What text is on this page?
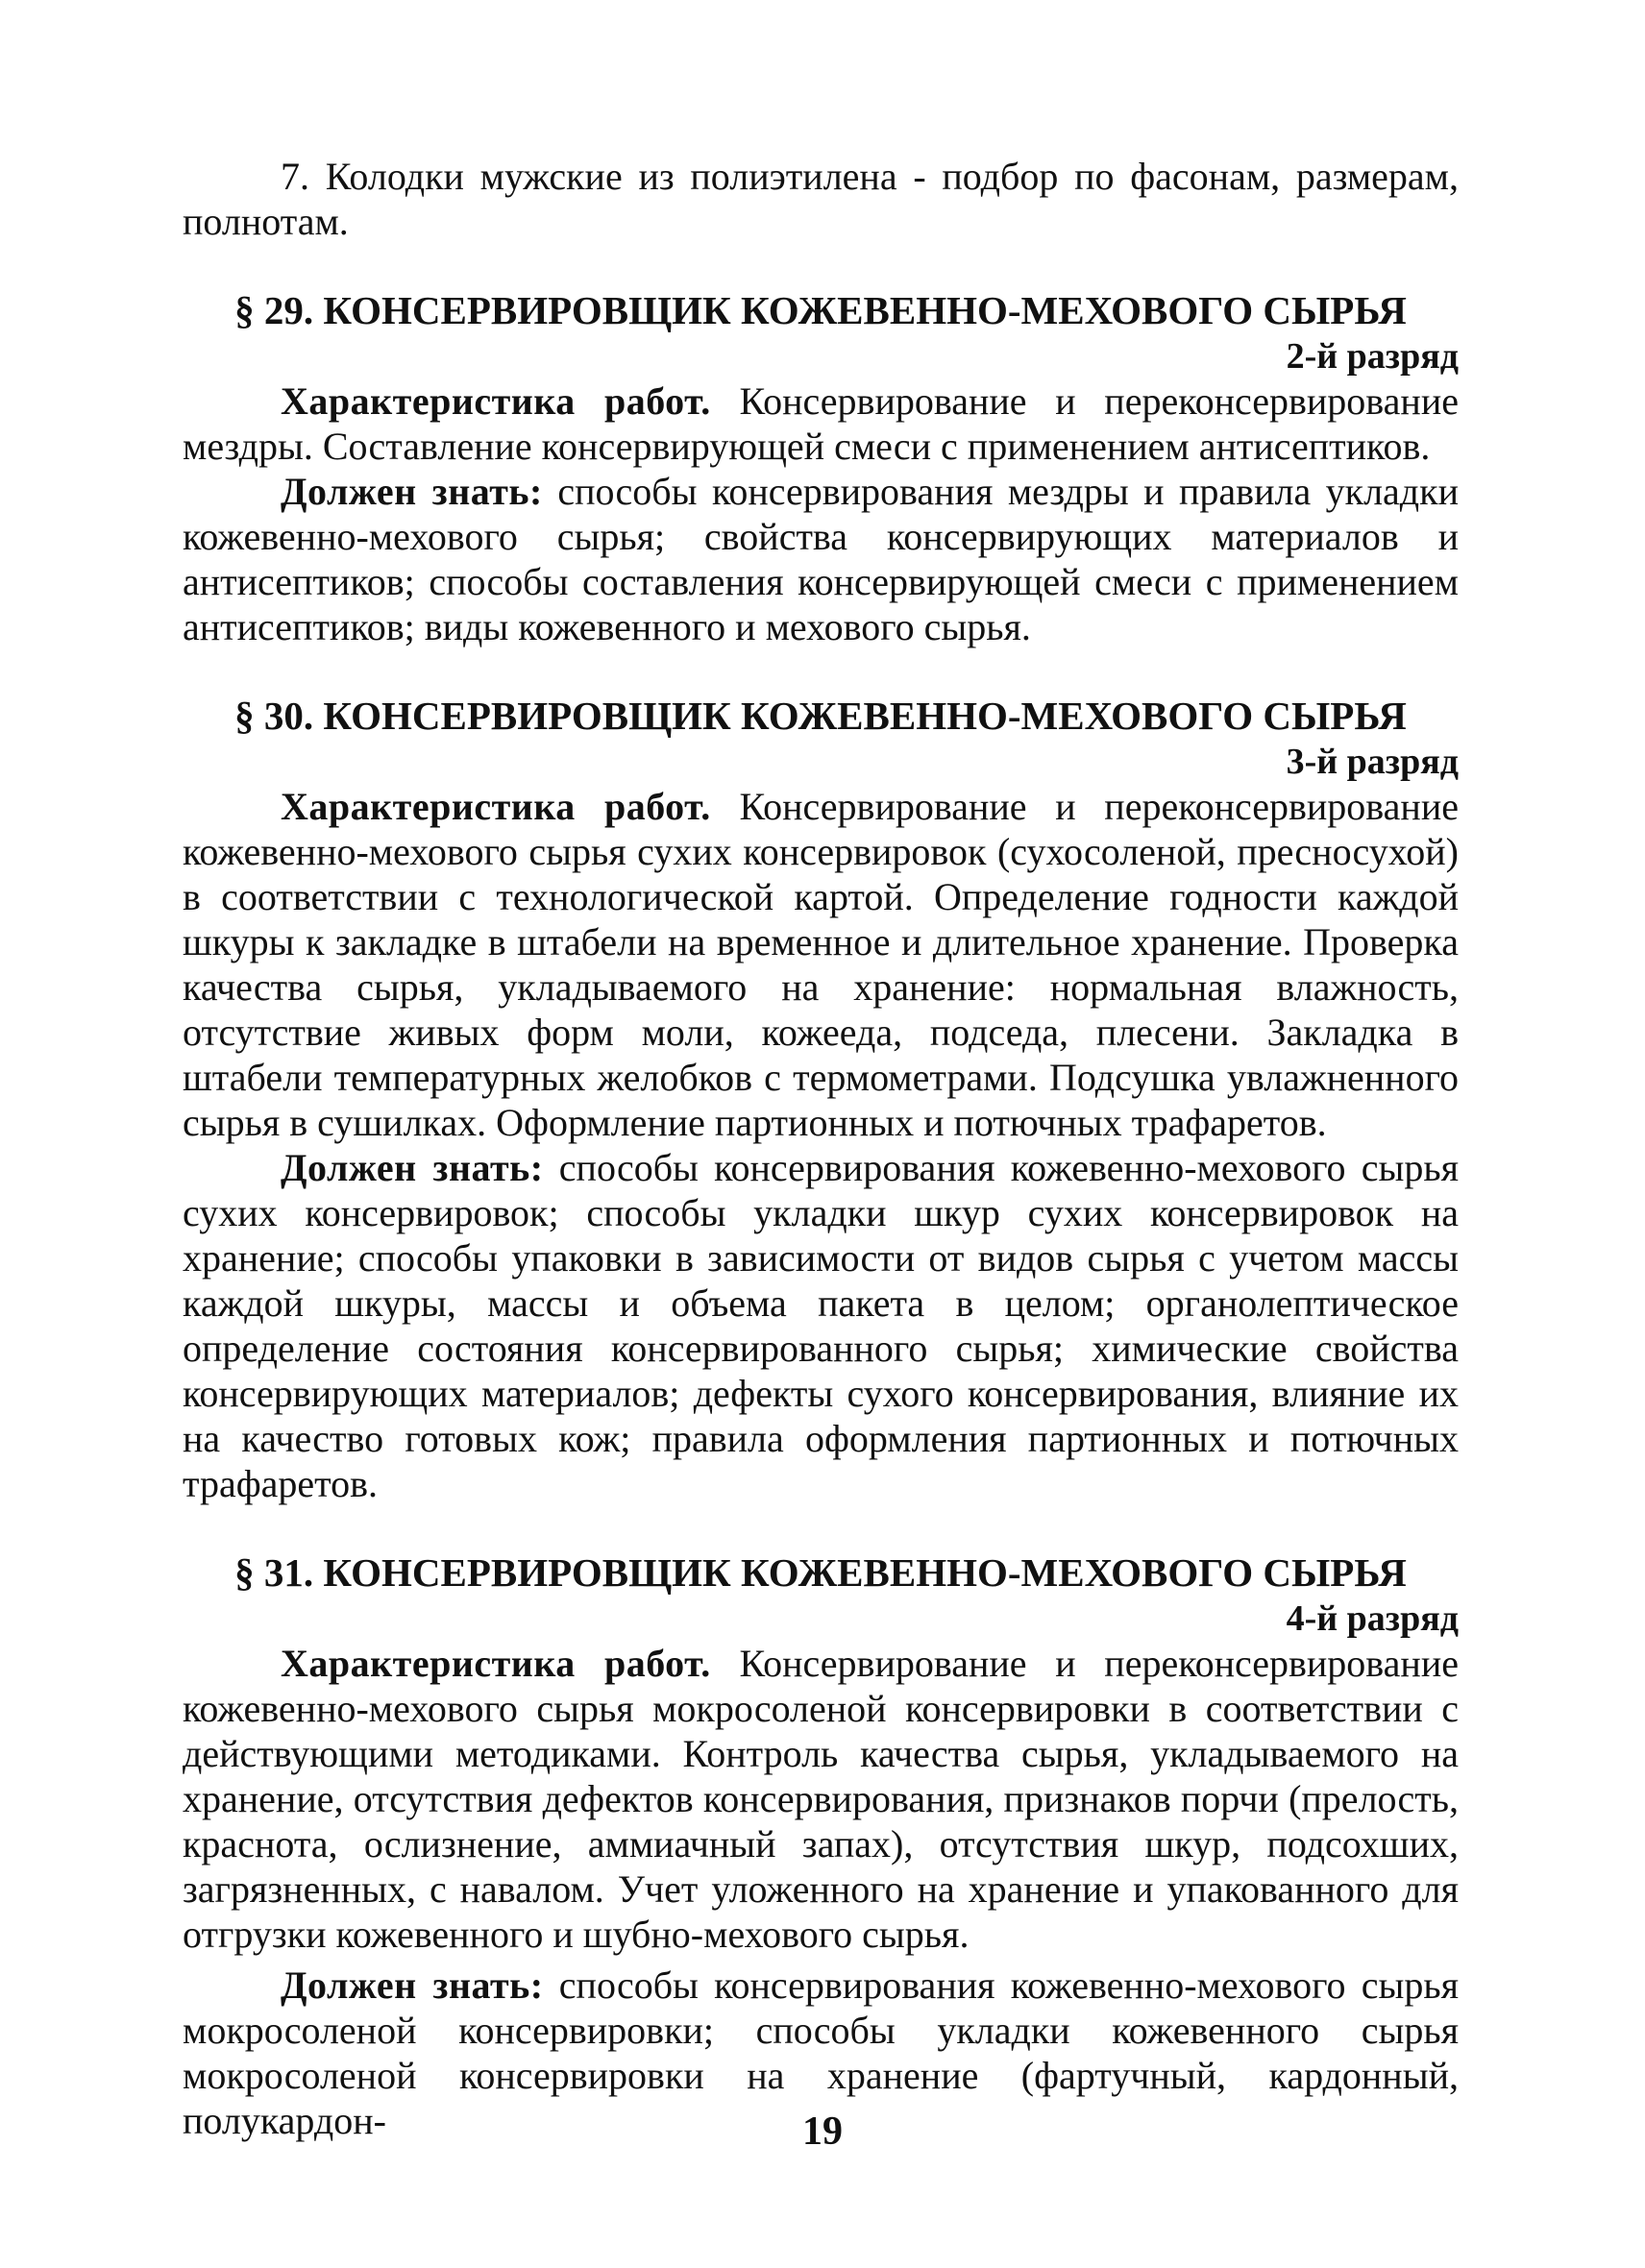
7. Колодки мужские из полиэтилена - подбор по фасонам, размерам, полнотам.

§ 29. КОНСЕРВИРОВЩИК КОЖЕВЕННО-МЕХОВОГО СЫРЬЯ

2-й разряд

Характеристика работ. Консервирование и переконсервирование мездры. Составление консервирующей смеси с применением антисептиков.

Должен знать: способы консервирования мездры и правила укладки кожевенно-мехового сырья; свойства консервирующих материалов и антисептиков; способы составления консервирующей смеси с применением антисептиков; виды кожевенного и мехового сырья.

§ 30. КОНСЕРВИРОВЩИК КОЖЕВЕННО-МЕХОВОГО СЫРЬЯ

3-й разряд

Характеристика работ. Консервирование и переконсервирование кожевенно-мехового сырья сухих консервировок (сухосоленой, пресносухой) в соответствии с технологической картой. Определение годности каждой шкуры к закладке в штабели на временное и длительное хранение. Проверка качества сырья, укладываемого на хранение: нормальная влажность, отсутствие живых форм моли, кожееда, подседа, плесени. Закладка в штабели температурных желобков с термометрами. Подсушка увлажненного сырья в сушилках. Оформление партионных и потючных трафаретов.

Должен знать: способы консервирования кожевенно-мехового сырья сухих консервировок; способы укладки шкур сухих консервировок на хранение; способы упаковки в зависимости от видов сырья с учетом массы каждой шкуры, массы и объема пакета в целом; органолептическое определение состояния консервированного сырья; химические свойства консервирующих материалов; дефекты сухого консервирования, влияние их на качество готовых кож; правила оформления партионных и потючных трафаретов.

§ 31. КОНСЕРВИРОВЩИК КОЖЕВЕННО-МЕХОВОГО СЫРЬЯ

4-й разряд

Характеристика работ. Консервирование и переконсервирование кожевенно-мехового сырья мокросоленой консервировки в соответствии с действующими методиками. Контроль качества сырья, укладываемого на хранение, отсутствия дефектов консервирования, признаков порчи (прелость, краснота, ослизнение, аммиачный запах), отсутствия шкур, подсохших, загрязненных, с навалом. Учет уложенного на хранение и упакованного для отгрузки кожевенного и шубно-мехового сырья.

Должен знать: способы консервирования кожевенно-мехового сырья мокросоленой консервировки; способы укладки кожевенного сырья мокросоленой консервировки на хранение (фартучный, кардонный, полукардон-	19
